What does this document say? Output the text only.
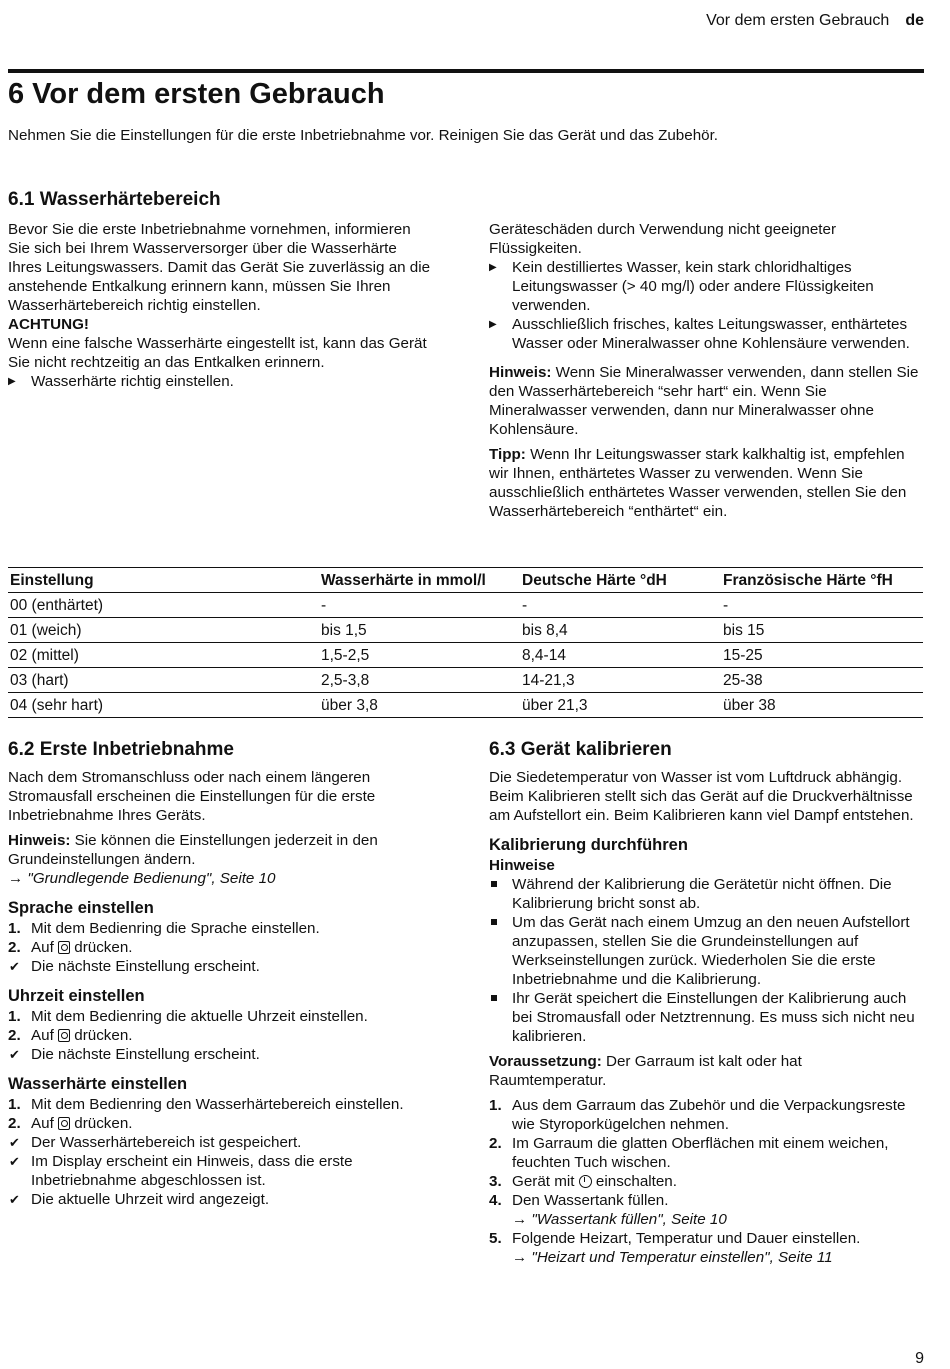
Vor dem ersten Gebrauch de
6 Vor dem ersten Gebrauch
Nehmen Sie die Einstellungen für die erste Inbetriebnahme vor. Reinigen Sie das Gerät und das Zubehör.
6.1 Wasserhärtebereich

Bevor Sie die erste Inbetriebnahme vornehmen, informieren Sie sich bei Ihrem Wasserversorger über die Wasserhärte Ihres Leitungswassers. Damit das Gerät Sie zuverlässig an die anstehende Entkalkung erinnern kann, müssen Sie Ihren Wasserhärtebereich richtig einstellen.

ACHTUNG!

Wenn eine falsche Wasserhärte eingestellt ist, kann das Gerät Sie nicht rechtzeitig an das Entkalken erinnern.

▶ Wasserhärte richtig einstellen.

Geräteschäden durch Verwendung nicht geeigneter Flüssigkeiten.

▶ Kein destilliertes Wasser, kein stark chloridhaltiges Leitungswasser (> 40 mg/l) oder andere Flüssigkeiten verwenden.
▶ Ausschließlich frisches, kaltes Leitungswasser, enthärtetes Wasser oder Mineralwasser ohne Kohlensäure verwenden.

Hinweis: Wenn Sie Mineralwasser verwenden, dann stellen Sie den Wasserhärtebereich “sehr hart“ ein. Wenn Sie Mineralwasser verwenden, dann nur Mineralwasser ohne Kohlensäure.

Tipp: Wenn Ihr Leitungswasser stark kalkhaltig ist, empfehlen wir Ihnen, enthärtetes Wasser zu verwenden. Wenn Sie ausschließlich enthärtetes Wasser verwenden, stellen Sie den Wasserhärtebereich “enthärtet“ ein.

Einstellung	Wasserhärte in mmol/l	Deutsche Härte °dH	Französische Härte °fH
00 (enthärtet)	-	-	-
01 (weich)	bis 1,5	bis 8,4	bis 15
02 (mittel)	1,5-2,5	8,4-14	15-25
03 (hart)	2,5-3,8	14-21,3	25-38
04 (sehr hart)	über 3,8	über 21,3	über 38
6.2 Erste Inbetriebnahme

Nach dem Stromanschluss oder nach einem längeren Stromausfall erscheinen die Einstellungen für die erste Inbetriebnahme Ihres Geräts.

Hinweis: Sie können die Einstellungen jederzeit in den Grundeinstellungen ändern.

→ "Grundlegende Bedienung", Seite 10

Sprache einstellen
1. Mit dem Bedienring die Sprache einstellen.
2. Auf drücken.
✔ Die nächste Einstellung erscheint.
Uhrzeit einstellen
1. Mit dem Bedienring die aktuelle Uhrzeit einstellen.
2. Auf drücken.
✔ Die nächste Einstellung erscheint.
Wasserhärte einstellen
1. Mit dem Bedienring den Wasserhärtebereich einstellen.
2. Auf drücken.
✔ Der Wasserhärtebereich ist gespeichert.
✔ Im Display erscheint ein Hinweis, dass die erste Inbetriebnahme abgeschlossen ist.
✔ Die aktuelle Uhrzeit wird angezeigt.
6.3 Gerät kalibrieren

Die Siedetemperatur von Wasser ist vom Luftdruck abhängig. Beim Kalibrieren stellt sich das Gerät auf die Druckverhältnisse am Aufstellort ein. Beim Kalibrieren kann viel Dampf entstehen.

Kalibrierung durchführen

Hinweise

Während der Kalibrierung die Gerätetür nicht öffnen. Die Kalibrierung bricht sonst ab.
Um das Gerät nach einem Umzug an den neuen Aufstellort anzupassen, stellen Sie die Grundeinstellungen auf Werkseinstellungen zurück. Wiederholen Sie die erste Inbetriebnahme und die Kalibrierung.
Ihr Gerät speichert die Einstellungen der Kalibrierung auch bei Stromausfall oder Netztrennung. Es muss sich nicht neu kalibrieren.

Voraussetzung: Der Garraum ist kalt oder hat Raumtemperatur.

1. Aus dem Garraum das Zubehör und die Verpackungsreste wie Styroporkügelchen nehmen.
2. Im Garraum die glatten Oberflächen mit einem weichen, feuchten Tuch wischen.
3. Gerät mit einschalten.
4. Den Wassertank füllen.

→ "Wassertank füllen", Seite 10

5. Folgende Heizart, Temperatur und Dauer einstellen.

→ "Heizart und Temperatur einstellen", Seite 11

9
